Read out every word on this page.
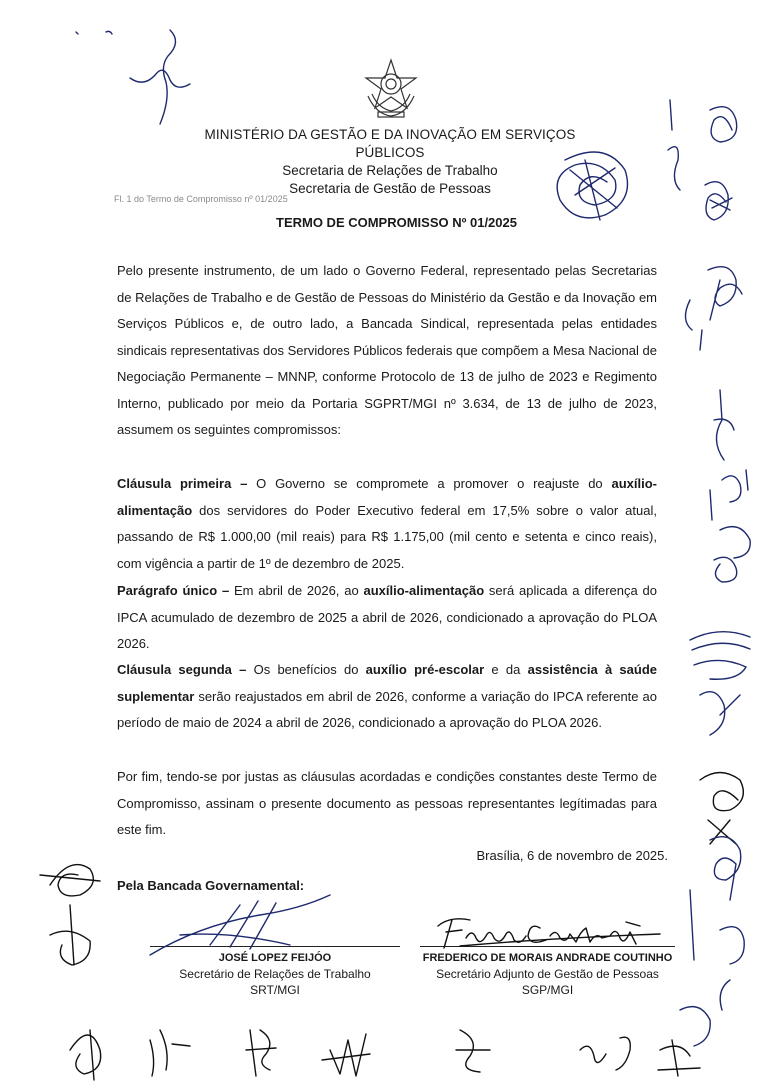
MINISTÉRIO DA GESTÃO E DA INOVAÇÃO EM SERVIÇOS PÚBLICOS
Secretaria de Relações de Trabalho
Secretaria de Gestão de Pessoas
Fl. 1 do Termo de Compromisso nº 01/2025
TERMO DE COMPROMISSO Nº 01/2025
Pelo presente instrumento, de um lado o Governo Federal, representado pelas Secretarias de Relações de Trabalho e de Gestão de Pessoas do Ministério da Gestão e da Inovação em Serviços Públicos e, de outro lado, a Bancada Sindical, representada pelas entidades sindicais representativas dos Servidores Públicos federais que compõem a Mesa Nacional de Negociação Permanente – MNNP, conforme Protocolo de 13 de julho de 2023 e Regimento Interno, publicado por meio da Portaria SGPRT/MGI nº 3.634, de 13 de julho de 2023, assumem os seguintes compromissos:
Cláusula primeira – O Governo se compromete a promover o reajuste do auxílio-alimentação dos servidores do Poder Executivo federal em 17,5% sobre o valor atual, passando de R$ 1.000,00 (mil reais) para R$ 1.175,00 (mil cento e setenta e cinco reais), com vigência a partir de 1º de dezembro de 2025.
Parágrafo único – Em abril de 2026, ao auxílio-alimentação será aplicada a diferença do IPCA acumulado de dezembro de 2025 a abril de 2026, condicionado a aprovação do PLOA 2026.
Cláusula segunda – Os benefícios do auxílio pré-escolar e da assistência à saúde suplementar serão reajustados em abril de 2026, conforme a variação do IPCA referente ao período de maio de 2024 a abril de 2026, condicionado a aprovação do PLOA 2026.
Por fim, tendo-se por justas as cláusulas acordadas e condições constantes deste Termo de Compromisso, assinam o presente documento as pessoas representantes legítimadas para este fim.
Brasília, 6 de novembro de 2025.
Pela Bancada Governamental:
JOSÉ LOPEZ FEIJÓO
Secretário de Relações de Trabalho
SRT/MGI
FREDERICO DE MORAIS ANDRADE COUTINHO
Secretário Adjunto de Gestão de Pessoas
SGP/MGI
